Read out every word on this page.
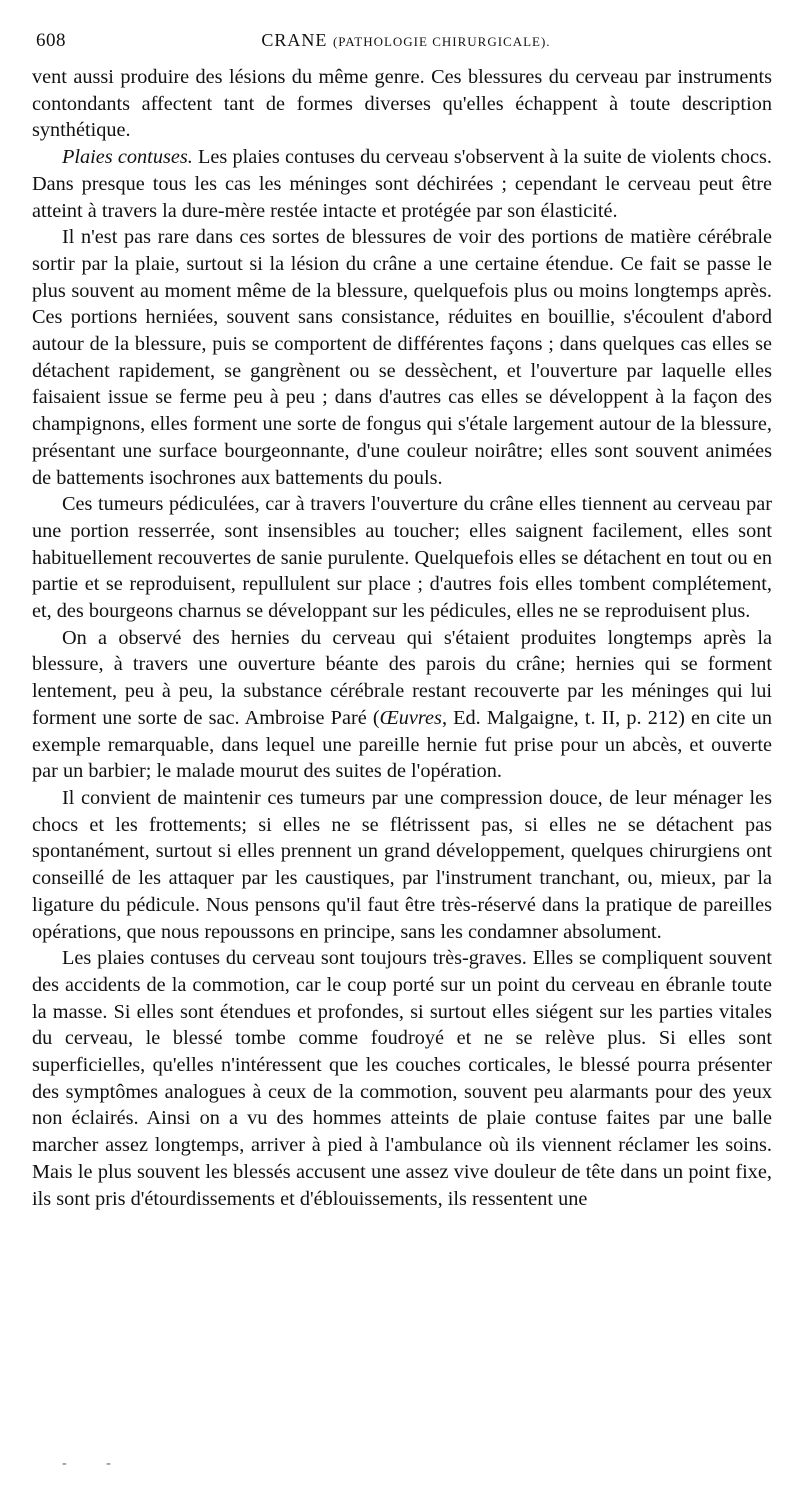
608	CRANE (PATHOLOGIE CHIRURGICALE).

vent aussi produire des lésions du même genre. Ces blessures du cerveau par instruments contondants affectent tant de formes diverses qu'elles échappent à toute description synthétique.

Plaies contuses. Les plaies contuses du cerveau s'observent à la suite de violents chocs. Dans presque tous les cas les méninges sont déchirées ; cependant le cerveau peut être atteint à travers la dure-mère restée intacte et protégée par son élasticité.

Il n'est pas rare dans ces sortes de blessures de voir des portions de matière cérébrale sortir par la plaie, surtout si la lésion du crâne a une certaine étendue. Ce fait se passe le plus souvent au moment même de la blessure, quelquefois plus ou moins longtemps après. Ces portions herniées, souvent sans consistance, réduites en bouillie, s'écoulent d'abord autour de la blessure, puis se comportent de différentes façons ; dans quelques cas elles se détachent rapidement, se gangrènent ou se dessèchent, et l'ouverture par laquelle elles faisaient issue se ferme peu à peu ; dans d'autres cas elles se développent à la façon des champignons, elles forment une sorte de fongus qui s'étale largement autour de la blessure, présentant une surface bourgeonnante, d'une couleur noirâtre; elles sont souvent animées de battements isochrones aux battements du pouls.

Ces tumeurs pédiculées, car à travers l'ouverture du crâne elles tiennent au cerveau par une portion resserrée, sont insensibles au toucher; elles saignent facilement, elles sont habituellement recouvertes de sanie purulente. Quelquefois elles se détachent en tout ou en partie et se reproduisent, repullulent sur place ; d'autres fois elles tombent complétement, et, des bourgeons charnus se développant sur les pédicules, elles ne se reproduisent plus.

On a observé des hernies du cerveau qui s'étaient produites longtemps après la blessure, à travers une ouverture béante des parois du crâne; hernies qui se forment lentement, peu à peu, la substance cérébrale restant recouverte par les méninges qui lui forment une sorte de sac. Ambroise Paré (Œuvres, Ed. Malgaigne, t. II, p. 212) en cite un exemple remarquable, dans lequel une pareille hernie fut prise pour un abcès, et ouverte par un barbier; le malade mourut des suites de l'opération.

Il convient de maintenir ces tumeurs par une compression douce, de leur ménager les chocs et les frottements; si elles ne se flétrissent pas, si elles ne se détachent pas spontanément, surtout si elles prennent un grand développement, quelques chirurgiens ont conseillé de les attaquer par les caustiques, par l'instrument tranchant, ou, mieux, par la ligature du pédicule. Nous pensons qu'il faut être très-réservé dans la pratique de pareilles opérations, que nous repoussons en principe, sans les condamner absolument.

Les plaies contuses du cerveau sont toujours très-graves. Elles se compliquent souvent des accidents de la commotion, car le coup porté sur un point du cerveau en ébranle toute la masse. Si elles sont étendues et profondes, si surtout elles siégent sur les parties vitales du cerveau, le blessé tombe comme foudroyé et ne se relève plus. Si elles sont superficielles, qu'elles n'intéressent que les couches corticales, le blessé pourra présenter des symptômes analogues à ceux de la commotion, souvent peu alarmants pour des yeux non éclairés. Ainsi on a vu des hommes atteints de plaie contuse faites par une balle marcher assez longtemps, arriver à pied à l'ambulance où ils viennent réclamer les soins. Mais le plus souvent les blessés accusent une assez vive douleur de tête dans un point fixe, ils sont pris d'étourdissements et d'éblouissements, ils ressentent une

- -
